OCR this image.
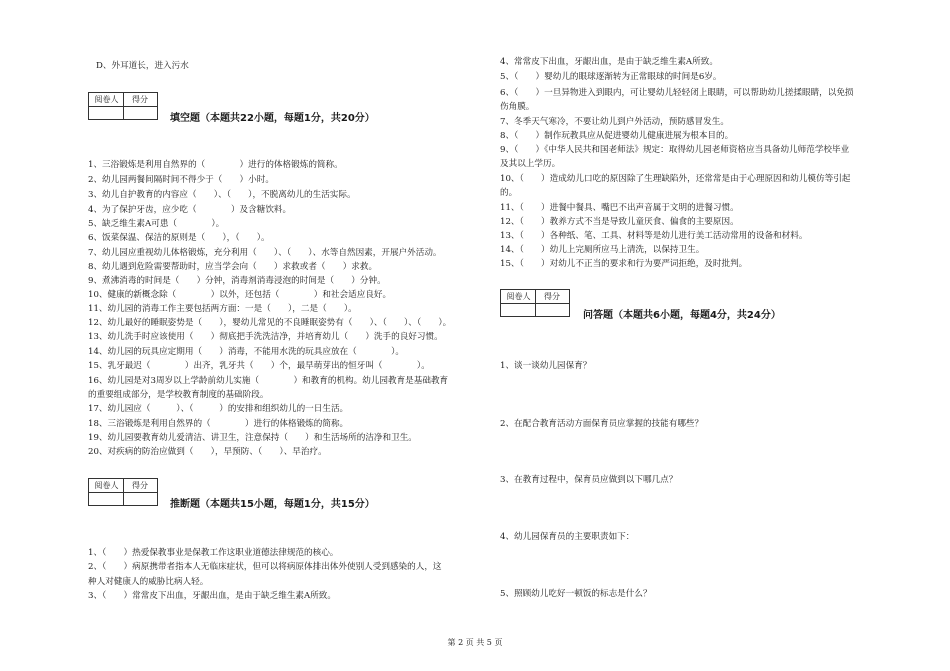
D、外耳道长，进入污水
阅卷人	得分
填空题（本题共22小题，每题1分，共20分）
1、三浴锻炼是利用自然界的（　　　　）进行的体格锻炼的简称。
2、幼儿园两餐间隔时间不得少于（　　）小时。
3、幼儿自护教育的内容应（　　）、（　　），不脱离幼儿的生活实际。
4、为了保护牙齿，应少吃（　　　　）及含糖饮料。
5、缺乏维生素A可患（　　　　）。
6、饭菜保温、保洁的原则是（　　），（　　）。
7、幼儿园应重视幼儿体格锻炼，充分利用（　　）、（　　）、水等自然因素，开展户外活动。
8、幼儿遇到危险需要帮助时，应当学会向（　　）求救或者（　　）求救。
9、煮沸消毒的时间是（　　）分钟，消毒剂消毒浸泡的时间是（　　）分钟。
10、健康的新概念除（　　　　）以外，还包括（　　　　）和社会适应良好。
11、幼儿园的消毒工作主要包括两方面：一是（　　），二是（　　）。
12、幼儿最好的睡眠姿势是（　　），婴幼儿常见的不良睡眠姿势有（　　）、（　　）、（　　）。
13、幼儿洗手时应该使用（　　）彻底把手洗洗洁净，并培育幼儿（　　）洗手的良好习惯。
14、幼儿园的玩具应定期用（　　）消毒，不能用水洗的玩具应放在（　　　　）。
15、乳牙最迟（　　　　）出齐，乳牙共（　　）个，最早萌芽出的恒牙叫（　　　　）。
16、幼儿园是对3周岁以上学龄前幼儿实施（　　　　）和教育的机构。幼儿园教育是基础教育
的重要组成部分，是学校教育制度的基础阶段。
17、幼儿园应（　　　）、（　　　）的安排和组织幼儿的一日生活。
18、三浴锻炼是利用自然界的（　　　　）进行的体格锻炼的简称。
19、幼儿园要教育幼儿爱清洁、讲卫生，注意保持（　　）和生活场所的洁净和卫生。
20、对疾病的防治应做到（　　），早预防、（　　）、早治疗。
阅卷人	得分
推断题（本题共15小题，每题1分，共15分）
1、（　　）热爱保教事业是保教工作这职业道德法律规范的核心。
2、（　　）病原携带者指本人无临床症状，但可以将病原体排出体外使别人受到感染的人，这
种人对健康人的威胁比病人轻。
3、（　　）常常皮下出血，牙龈出血，是由于缺乏维生素A所致。
4、常常皮下出血，牙龈出血，是由于缺乏维生素A所致。
5、（　　）婴幼儿的眼球逐渐转为正常眼球的时间是6岁。
6、（　　）一旦异物进入到眼内，可让婴幼儿轻轻闭上眼睛，可以帮助幼儿搓揉眼睛，以免损
伤角膜。
7、冬季天气寒冷，不要让幼儿到户外活动，预防感冒发生。
8、（　　）制作玩教具应从促进婴幼儿健康进展为根本目的。
9、（　　）《中华人民共和国老师法》规定：取得幼儿园老师资格应当具备幼儿师范学校毕业
及其以上学历。
10、（　　）造成幼儿口吃的原因除了生理缺陷外，还常常是由于心理原因和幼儿模仿等引起
的。
11、（　　）进餐中餐具、嘴巴不出声音属于文明的进餐习惯。
12、（　　）教养方式不当是导致儿童厌食、偏食的主要原因。
13、（　　）各种纸、笔、工具、材料等是幼儿进行美工活动常用的设备和材料。
14、（　　）幼儿上完厕所应马上清洗，以保持卫生。
15、（　　）对幼儿不正当的要求和行为要严词拒绝，及时批判。
阅卷人	得分
问答题（本题共6小题，每题4分，共24分）
1、谈一谈幼儿园保育？
2、在配合教育活动方面保育员应掌握的技能有哪些？
3、在教育过程中，保育员应做到以下哪几点？
4、幼儿园保育员的主要职责如下：
5、照顾幼儿吃好一顿饭的标志是什么？
第 2 页 共 5 页
